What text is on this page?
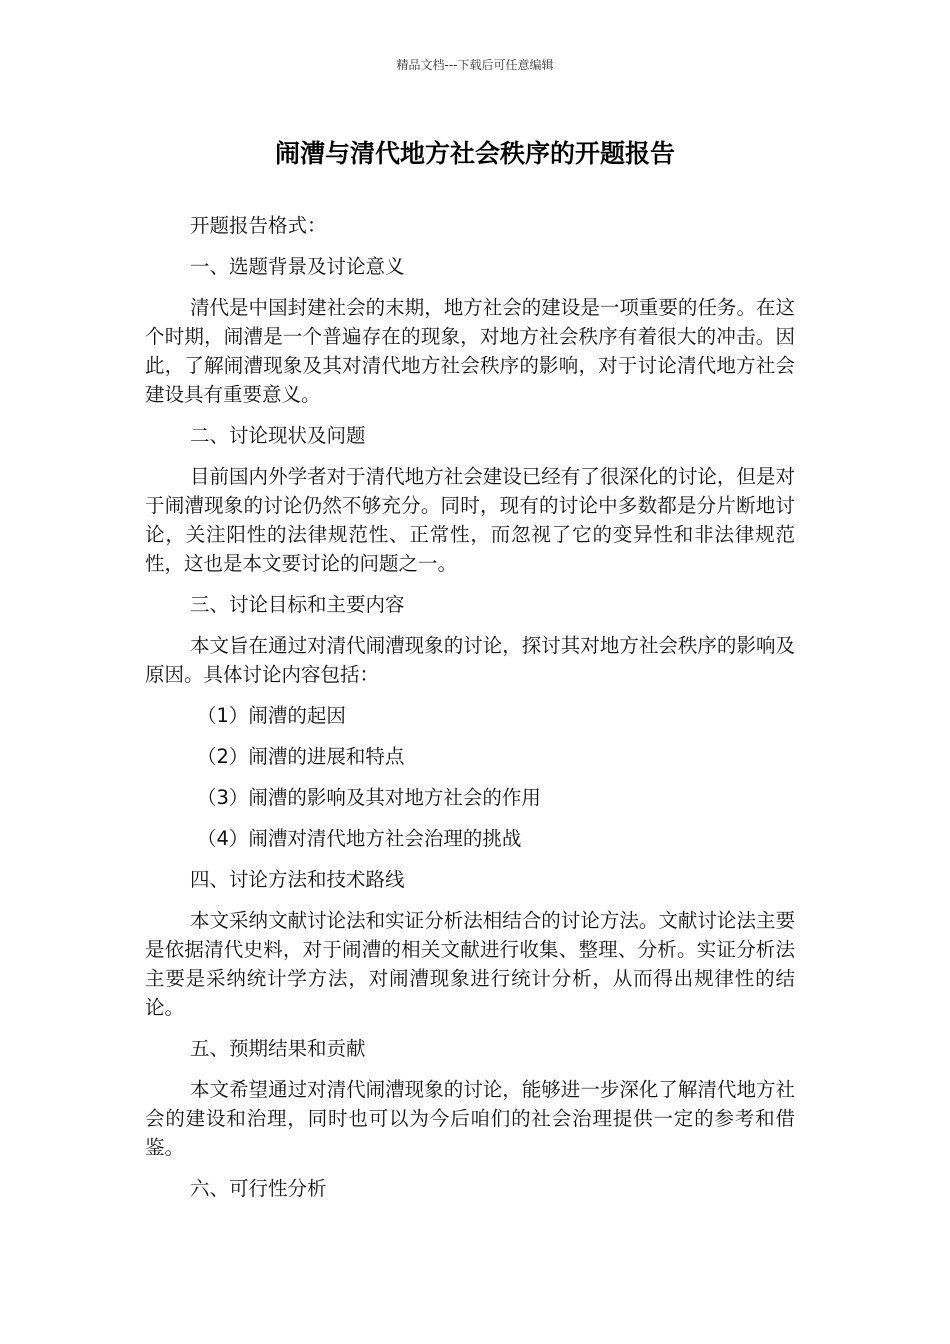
精品文档---下载后可任意编辑
闹漕与清代地方社会秩序的开题报告

开题报告格式：

一、选题背景及讨论意义

清代是中国封建社会的末期，地方社会的建设是一项重要的任务。在这个时期，闹漕是一个普遍存在的现象，对地方社会秩序有着很大的冲击。因此，了解闹漕现象及其对清代地方社会秩序的影响，对于讨论清代地方社会建设具有重要意义。

二、讨论现状及问题

目前国内外学者对于清代地方社会建设已经有了很深化的讨论，但是对于闹漕现象的讨论仍然不够充分。同时，现有的讨论中多数都是分片断地讨论，关注阳性的法律规范性、正常性，而忽视了它的变异性和非法律规范性，这也是本文要讨论的问题之一。

三、讨论目标和主要内容

本文旨在通过对清代闹漕现象的讨论，探讨其对地方社会秩序的影响及原因。具体讨论内容包括：

（1）闹漕的起因

（2）闹漕的进展和特点

（3）闹漕的影响及其对地方社会的作用

（4）闹漕对清代地方社会治理的挑战

四、讨论方法和技术路线

本文采纳文献讨论法和实证分析法相结合的讨论方法。文献讨论法主要是依据清代史料，对于闹漕的相关文献进行收集、整理、分析。实证分析法主要是采纳统计学方法，对闹漕现象进行统计分析，从而得出规律性的结论。

五、预期结果和贡献

本文希望通过对清代闹漕现象的讨论，能够进一步深化了解清代地方社会的建设和治理，同时也可以为今后咱们的社会治理提供一定的参考和借鉴。

六、可行性分析
